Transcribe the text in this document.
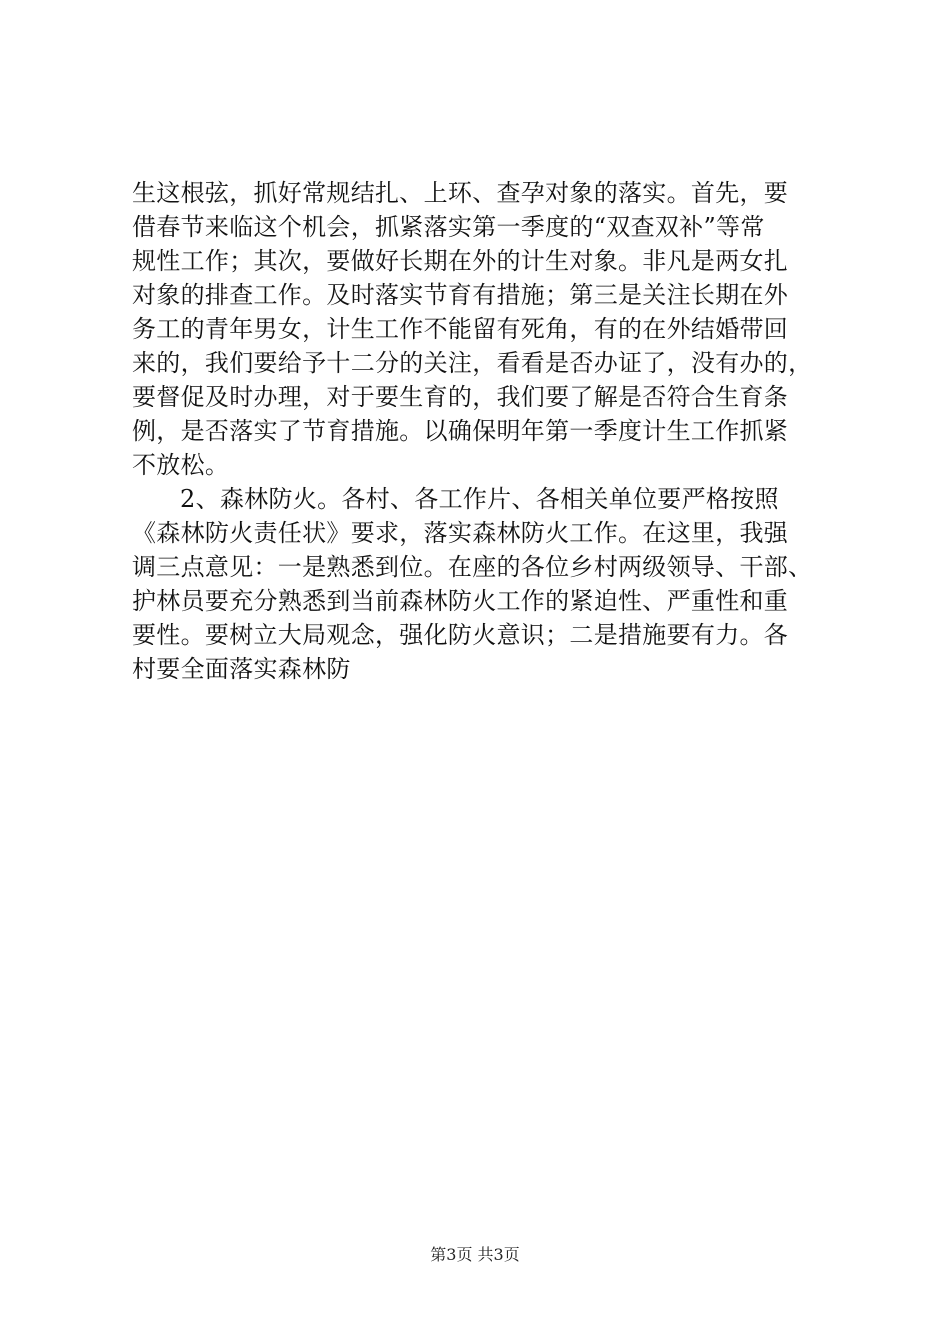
生这根弦，抓好常规结扎、上环、查孕对象的落实。首先，要
借春节来临这个机会，抓紧落实第一季度的“双查双补”等常
规性工作；其次，要做好长期在外的计生对象。非凡是两女扎
对象的排查工作。及时落实节育有措施；第三是关注长期在外
务工的青年男女，计生工作不能留有死角，有的在外结婚带回
来的，我们要给予十二分的关注，看看是否办证了，没有办的，
要督促及时办理，对于要生育的，我们要了解是否符合生育条
例，是否落实了节育措施。以确保明年第一季度计生工作抓紧
不放松。
2、森林防火。各村、各工作片、各相关单位要严格按照
《森林防火责任状》要求，落实森林防火工作。在这里，我强
调三点意见：一是熟悉到位。在座的各位乡村两级领导、干部、
护林员要充分熟悉到当前森林防火工作的紧迫性、严重性和重
要性。要树立大局观念，强化防火意识；二是措施要有力。各
村要全面落实森林防
第3页 共3页
